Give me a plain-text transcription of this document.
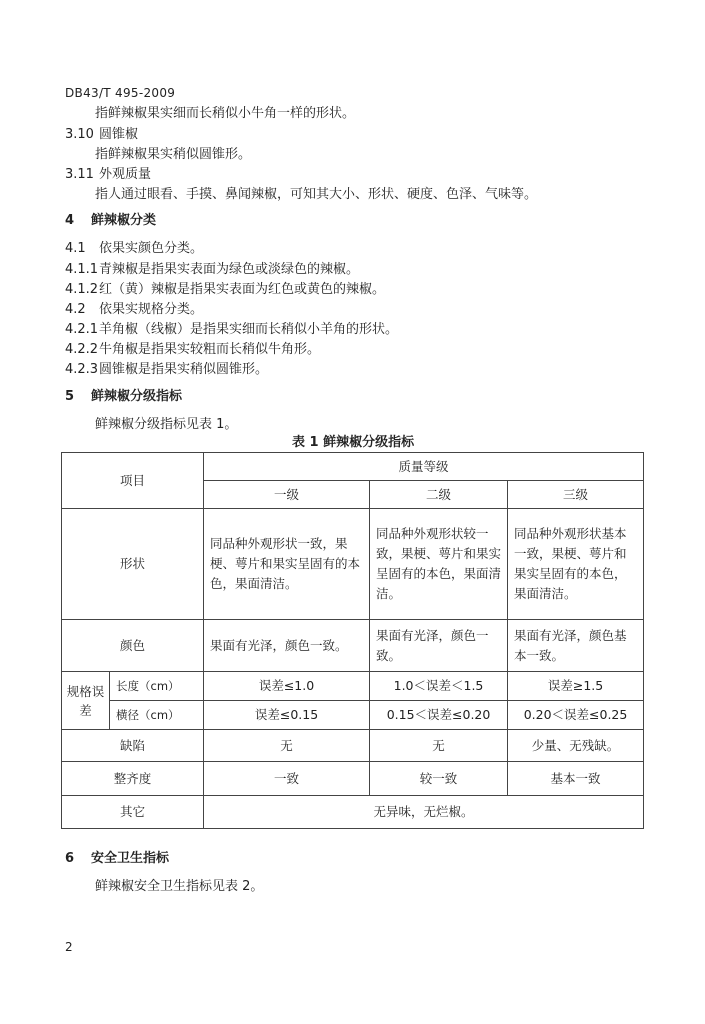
DB43/T 495-2009
指鲜辣椒果实细而长稍似小牛角一样的形状。
3.10 圆锥椒
指鲜辣椒果实稍似圆锥形。
3.11 外观质量
指人通过眼看、手摸、鼻闻辣椒，可知其大小、形状、硬度、色泽、气味等。
4 鲜辣椒分类
4.1 依果实颜色分类。
4.1.1青辣椒是指果实表面为绿色或淡绿色的辣椒。
4.1.2红（黄）辣椒是指果实表面为红色或黄色的辣椒。
4.2 依果实规格分类。
4.2.1羊角椒（线椒）是指果实细而长稍似小羊角的形状。
4.2.2牛角椒是指果实较粗而长稍似牛角形。
4.2.3圆锥椒是指果实稍似圆锥形。
5 鲜辣椒分级指标
鲜辣椒分级指标见表 1。
表 1 鲜辣椒分级指标
项目		质量等级		
		一级	二级	三级
形状		同品种外观形状一致，果梗、萼片和果实呈固有的本色，果面清洁。	同品种外观形状较一致，果梗、萼片和果实呈固有的本色，果面清洁。	同品种外观形状基本一致，果梗、萼片和果实呈固有的本色，果面清洁。
颜色		果面有光泽，颜色一致。	果面有光泽，颜色一致。	果面有光泽，颜色基本一致。
规格误差	长度（cm）	误差≤1.0	1.0＜误差＜1.5	误差≥1.5
	横径（cm）	误差≤0.15	0.15＜误差≤0.20	0.20＜误差≤0.25
缺陷		无	无	少量、无残缺。
整齐度		一致	较一致	基本一致
其它		无异味，无烂椒。		
6 安全卫生指标
鲜辣椒安全卫生指标见表 2。
2
